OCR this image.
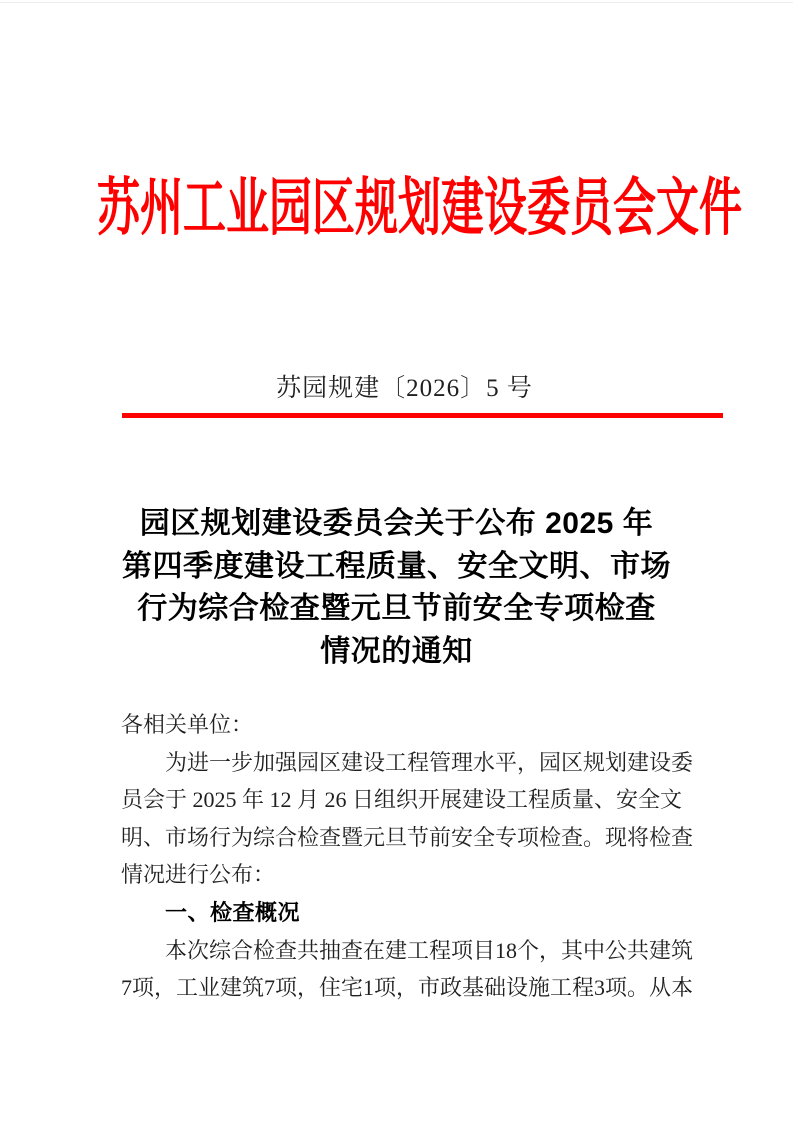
苏州工业园区规划建设委员会文件
苏园规建〔2026〕5 号
园区规划建设委员会关于公布 2025 年
第四季度建设工程质量、安全文明、市场
行为综合检查暨元旦节前安全专项检查
情况的通知
各相关单位：
为进一步加强园区建设工程管理水平，园区规划建设委
员会于 2025 年 12 月 26 日组织开展建设工程质量、安全文
明、市场行为综合检查暨元旦节前安全专项检查。现将检查
情况进行公布：
一、检查概况
本次综合检查共抽查在建工程项目18个，其中公共建筑
7项，工业建筑7项，住宅1项，市政基础设施工程3项。从本
